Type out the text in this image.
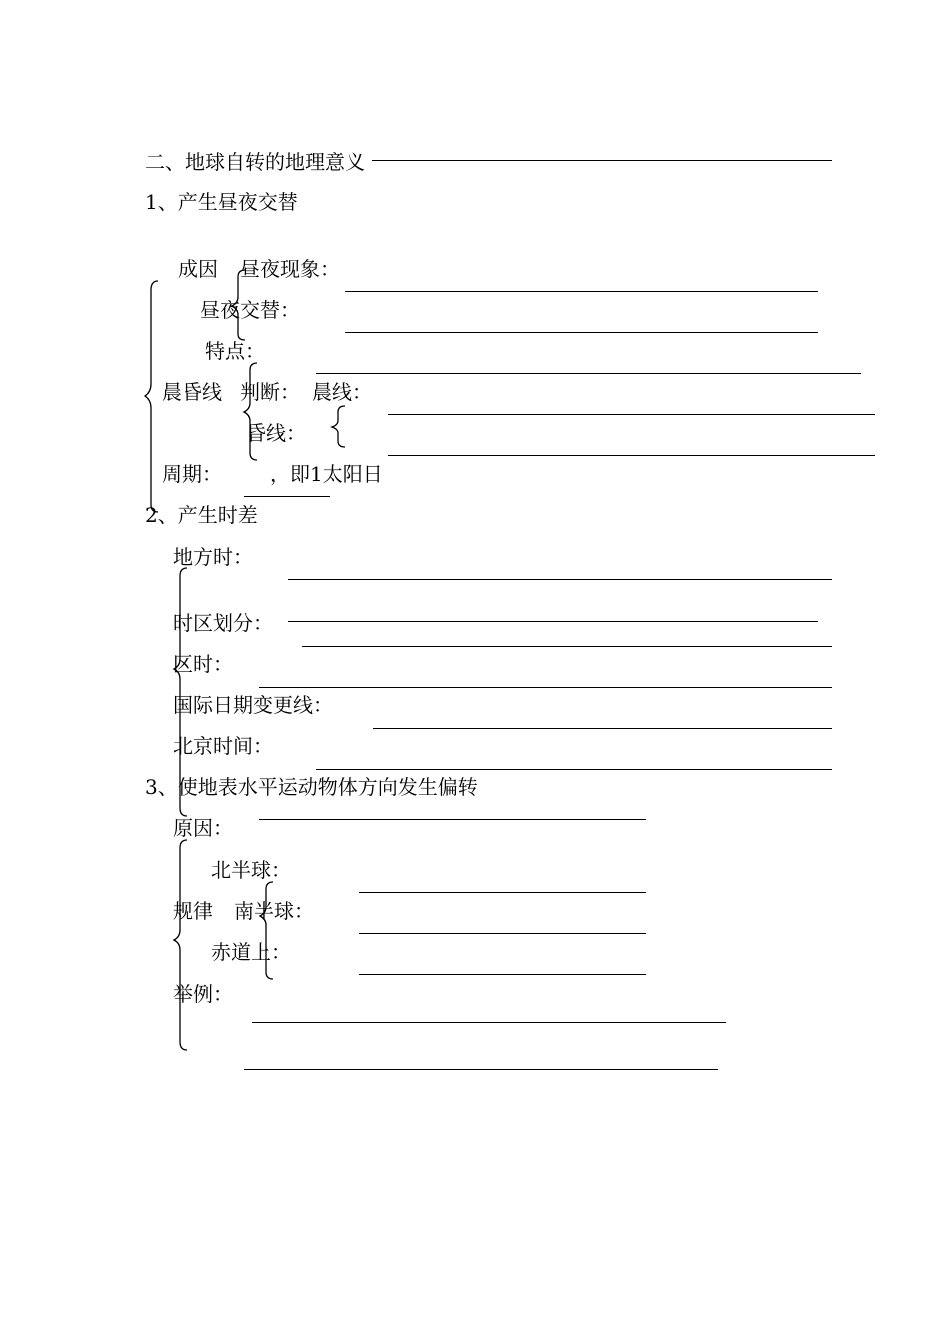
二、地球自转的地理意义
1、产生昼夜交替
成因 昼夜现象：
昼夜交替：
特点：
晨昏线 判断： 晨线：
昏线：
周期： ，即1太阳日
2、产生时差
地方时：
时区划分：
区时：
国际日期变更线：
北京时间：
3、使地表水平运动物体方向发生偏转
原因：
北半球：
规律 南半球：
赤道上：
举例：
